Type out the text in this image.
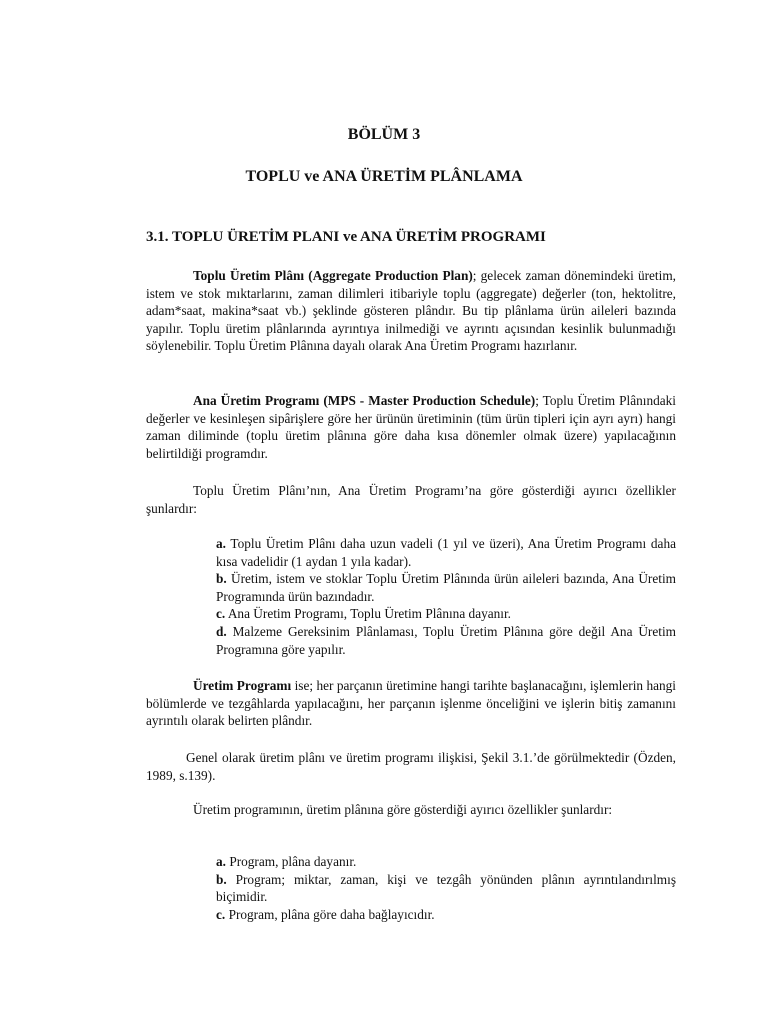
BÖLÜM 3
TOPLU ve ANA ÜRETİM PLÂNLAMA
3.1. TOPLU ÜRETİM PLANI ve ANA ÜRETİM PROGRAMI

Toplu Üretim Plânı (Aggregate Production Plan); gelecek zaman dönemindeki üretim, istem ve stok mıktarlarını, zaman dilimleri itibariyle toplu (aggregate) değerler (ton, hektolitre, adam*saat, makina*saat vb.) şeklinde gösteren plândır. Bu tip plânlama ürün aileleri bazında yapılır. Toplu üretim plânlarında ayrıntıya inilmediği ve ayrıntı açısından kesinlik bulunmadığı söylenebilir. Toplu Üretim Plânına dayalı olarak Ana Üretim Programı hazırlanır.

Ana Üretim Programı (MPS - Master Production Schedule); Toplu Üretim Plânındaki değerler ve kesinleşen sipârişlere göre her ürünün üretiminin (tüm ürün tipleri için ayrı ayrı) hangi zaman diliminde (toplu üretim plânına göre daha kısa dönemler olmak üzere) yapılacağının belirtildiği programdır.

Toplu Üretim Plânı’nın, Ana Üretim Programı’na göre gösterdiği ayırıcı özellikler şunlardır:

a. Toplu Üretim Plânı daha uzun vadeli (1 yıl ve üzeri), Ana Üretim Programı daha kısa vadelidir (1 aydan 1 yıla kadar).
b. Üretim, istem ve stoklar Toplu Üretim Plânında ürün aileleri bazında, Ana Üretim Programında ürün bazındadır.
c. Ana Üretim Programı, Toplu Üretim Plânına dayanır.
d. Malzeme Gereksinim Plânlaması, Toplu Üretim Plânına göre değil Ana Üretim Programına göre yapılır.

Üretim Programı ise; her parçanın üretimine hangi tarihte başlanacağını, işlemlerin hangi bölümlerde ve tezgâhlarda yapılacağını, her parçanın işlenme önceliğini ve işlerin bitiş zamanını ayrıntılı olarak belirten plândır.

Genel olarak üretim plânı ve üretim programı ilişkisi, Şekil 3.1.’de görülmektedir (Özden, 1989, s.139).

Üretim programının, üretim plânına göre gösterdiği ayırıcı özellikler şunlardır:

a. Program, plâna dayanır.
b. Program; miktar, zaman, kişi ve tezgâh yönünden plânın ayrıntılandırılmış biçimidir.
c. Program, plâna göre daha bağlayıcıdır.
